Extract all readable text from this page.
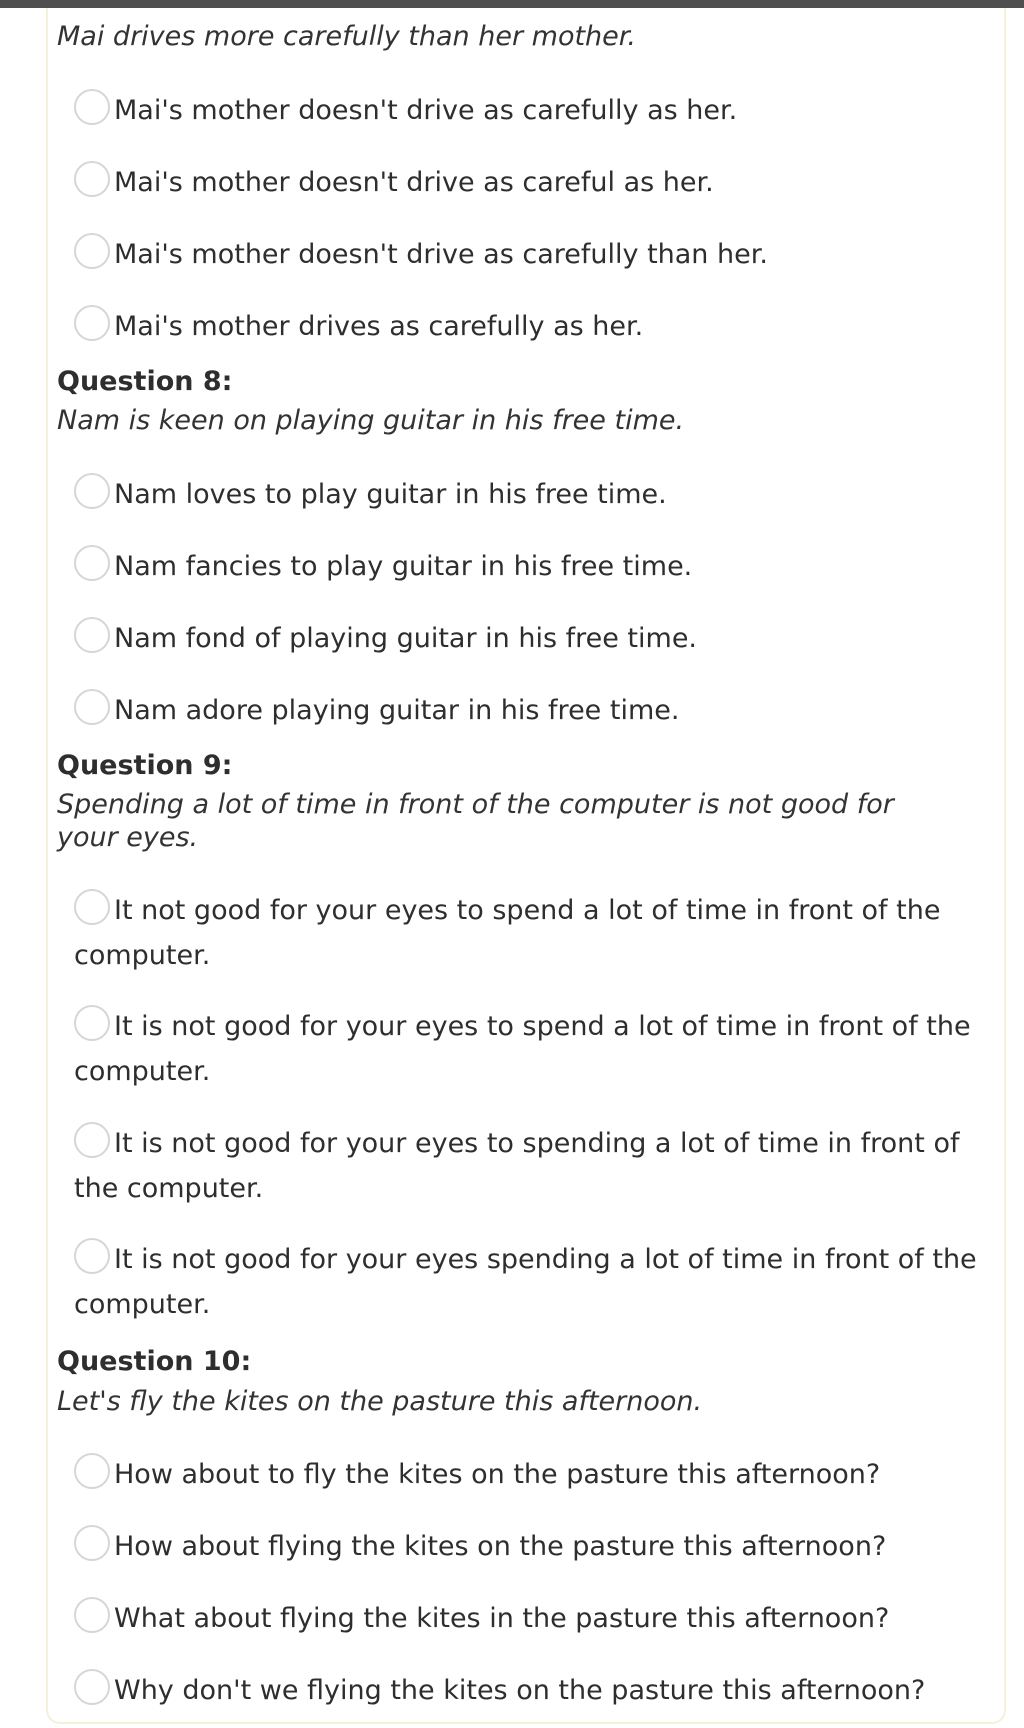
Mai drives more carefully than her mother.
Mai's mother doesn't drive as carefully as her.
Mai's mother doesn't drive as careful as her.
Mai's mother doesn't drive as carefully than her.
Mai's mother drives as carefully as her.
Question 8:
Nam is keen on playing guitar in his free time.
Nam loves to play guitar in his free time.
Nam fancies to play guitar in his free time.
Nam fond of playing guitar in his free time.
Nam adore playing guitar in his free time.
Question 9:
Spending a lot of time in front of the computer is not good for your eyes.
It not good for your eyes to spend a lot of time in front of the computer.
It is not good for your eyes to spend a lot of time in front of the computer.
It is not good for your eyes to spending a lot of time in front of the computer.
It is not good for your eyes spending a lot of time in front of the computer.
Question 10:
Let's fly the kites on the pasture this afternoon.
How about to fly the kites on the pasture this afternoon?
How about flying the kites on the pasture this afternoon?
What about flying the kites in the pasture this afternoon?
Why don't we flying the kites on the pasture this afternoon?
